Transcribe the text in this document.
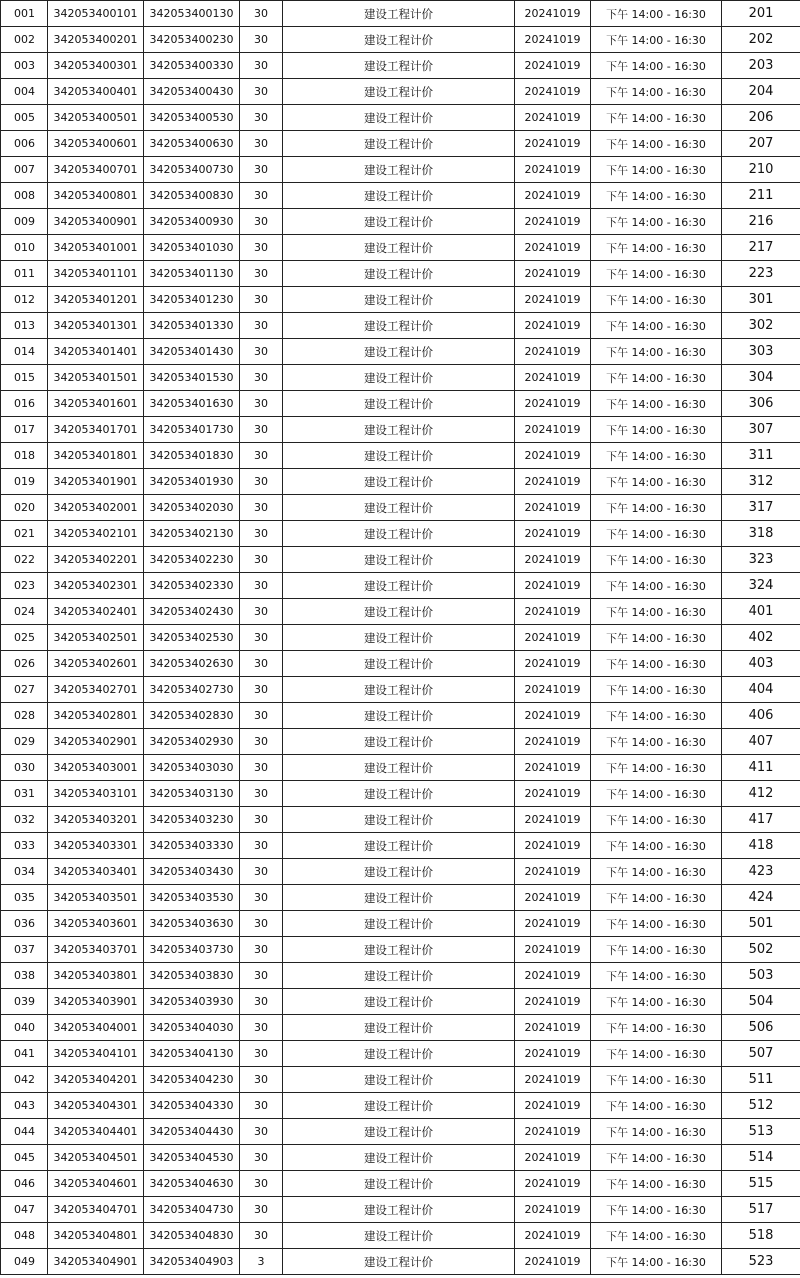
001	342053400101	342053400130	30	建设工程计价	20241019	下午 14:00 - 16:30	201
002	342053400201	342053400230	30	建设工程计价	20241019	下午 14:00 - 16:30	202
003	342053400301	342053400330	30	建设工程计价	20241019	下午 14:00 - 16:30	203
004	342053400401	342053400430	30	建设工程计价	20241019	下午 14:00 - 16:30	204
005	342053400501	342053400530	30	建设工程计价	20241019	下午 14:00 - 16:30	206
006	342053400601	342053400630	30	建设工程计价	20241019	下午 14:00 - 16:30	207
007	342053400701	342053400730	30	建设工程计价	20241019	下午 14:00 - 16:30	210
008	342053400801	342053400830	30	建设工程计价	20241019	下午 14:00 - 16:30	211
009	342053400901	342053400930	30	建设工程计价	20241019	下午 14:00 - 16:30	216
010	342053401001	342053401030	30	建设工程计价	20241019	下午 14:00 - 16:30	217
011	342053401101	342053401130	30	建设工程计价	20241019	下午 14:00 - 16:30	223
012	342053401201	342053401230	30	建设工程计价	20241019	下午 14:00 - 16:30	301
013	342053401301	342053401330	30	建设工程计价	20241019	下午 14:00 - 16:30	302
014	342053401401	342053401430	30	建设工程计价	20241019	下午 14:00 - 16:30	303
015	342053401501	342053401530	30	建设工程计价	20241019	下午 14:00 - 16:30	304
016	342053401601	342053401630	30	建设工程计价	20241019	下午 14:00 - 16:30	306
017	342053401701	342053401730	30	建设工程计价	20241019	下午 14:00 - 16:30	307
018	342053401801	342053401830	30	建设工程计价	20241019	下午 14:00 - 16:30	311
019	342053401901	342053401930	30	建设工程计价	20241019	下午 14:00 - 16:30	312
020	342053402001	342053402030	30	建设工程计价	20241019	下午 14:00 - 16:30	317
021	342053402101	342053402130	30	建设工程计价	20241019	下午 14:00 - 16:30	318
022	342053402201	342053402230	30	建设工程计价	20241019	下午 14:00 - 16:30	323
023	342053402301	342053402330	30	建设工程计价	20241019	下午 14:00 - 16:30	324
024	342053402401	342053402430	30	建设工程计价	20241019	下午 14:00 - 16:30	401
025	342053402501	342053402530	30	建设工程计价	20241019	下午 14:00 - 16:30	402
026	342053402601	342053402630	30	建设工程计价	20241019	下午 14:00 - 16:30	403
027	342053402701	342053402730	30	建设工程计价	20241019	下午 14:00 - 16:30	404
028	342053402801	342053402830	30	建设工程计价	20241019	下午 14:00 - 16:30	406
029	342053402901	342053402930	30	建设工程计价	20241019	下午 14:00 - 16:30	407
030	342053403001	342053403030	30	建设工程计价	20241019	下午 14:00 - 16:30	411
031	342053403101	342053403130	30	建设工程计价	20241019	下午 14:00 - 16:30	412
032	342053403201	342053403230	30	建设工程计价	20241019	下午 14:00 - 16:30	417
033	342053403301	342053403330	30	建设工程计价	20241019	下午 14:00 - 16:30	418
034	342053403401	342053403430	30	建设工程计价	20241019	下午 14:00 - 16:30	423
035	342053403501	342053403530	30	建设工程计价	20241019	下午 14:00 - 16:30	424
036	342053403601	342053403630	30	建设工程计价	20241019	下午 14:00 - 16:30	501
037	342053403701	342053403730	30	建设工程计价	20241019	下午 14:00 - 16:30	502
038	342053403801	342053403830	30	建设工程计价	20241019	下午 14:00 - 16:30	503
039	342053403901	342053403930	30	建设工程计价	20241019	下午 14:00 - 16:30	504
040	342053404001	342053404030	30	建设工程计价	20241019	下午 14:00 - 16:30	506
041	342053404101	342053404130	30	建设工程计价	20241019	下午 14:00 - 16:30	507
042	342053404201	342053404230	30	建设工程计价	20241019	下午 14:00 - 16:30	511
043	342053404301	342053404330	30	建设工程计价	20241019	下午 14:00 - 16:30	512
044	342053404401	342053404430	30	建设工程计价	20241019	下午 14:00 - 16:30	513
045	342053404501	342053404530	30	建设工程计价	20241019	下午 14:00 - 16:30	514
046	342053404601	342053404630	30	建设工程计价	20241019	下午 14:00 - 16:30	515
047	342053404701	342053404730	30	建设工程计价	20241019	下午 14:00 - 16:30	517
048	342053404801	342053404830	30	建设工程计价	20241019	下午 14:00 - 16:30	518
049	342053404901	342053404903	3	建设工程计价	20241019	下午 14:00 - 16:30	523
